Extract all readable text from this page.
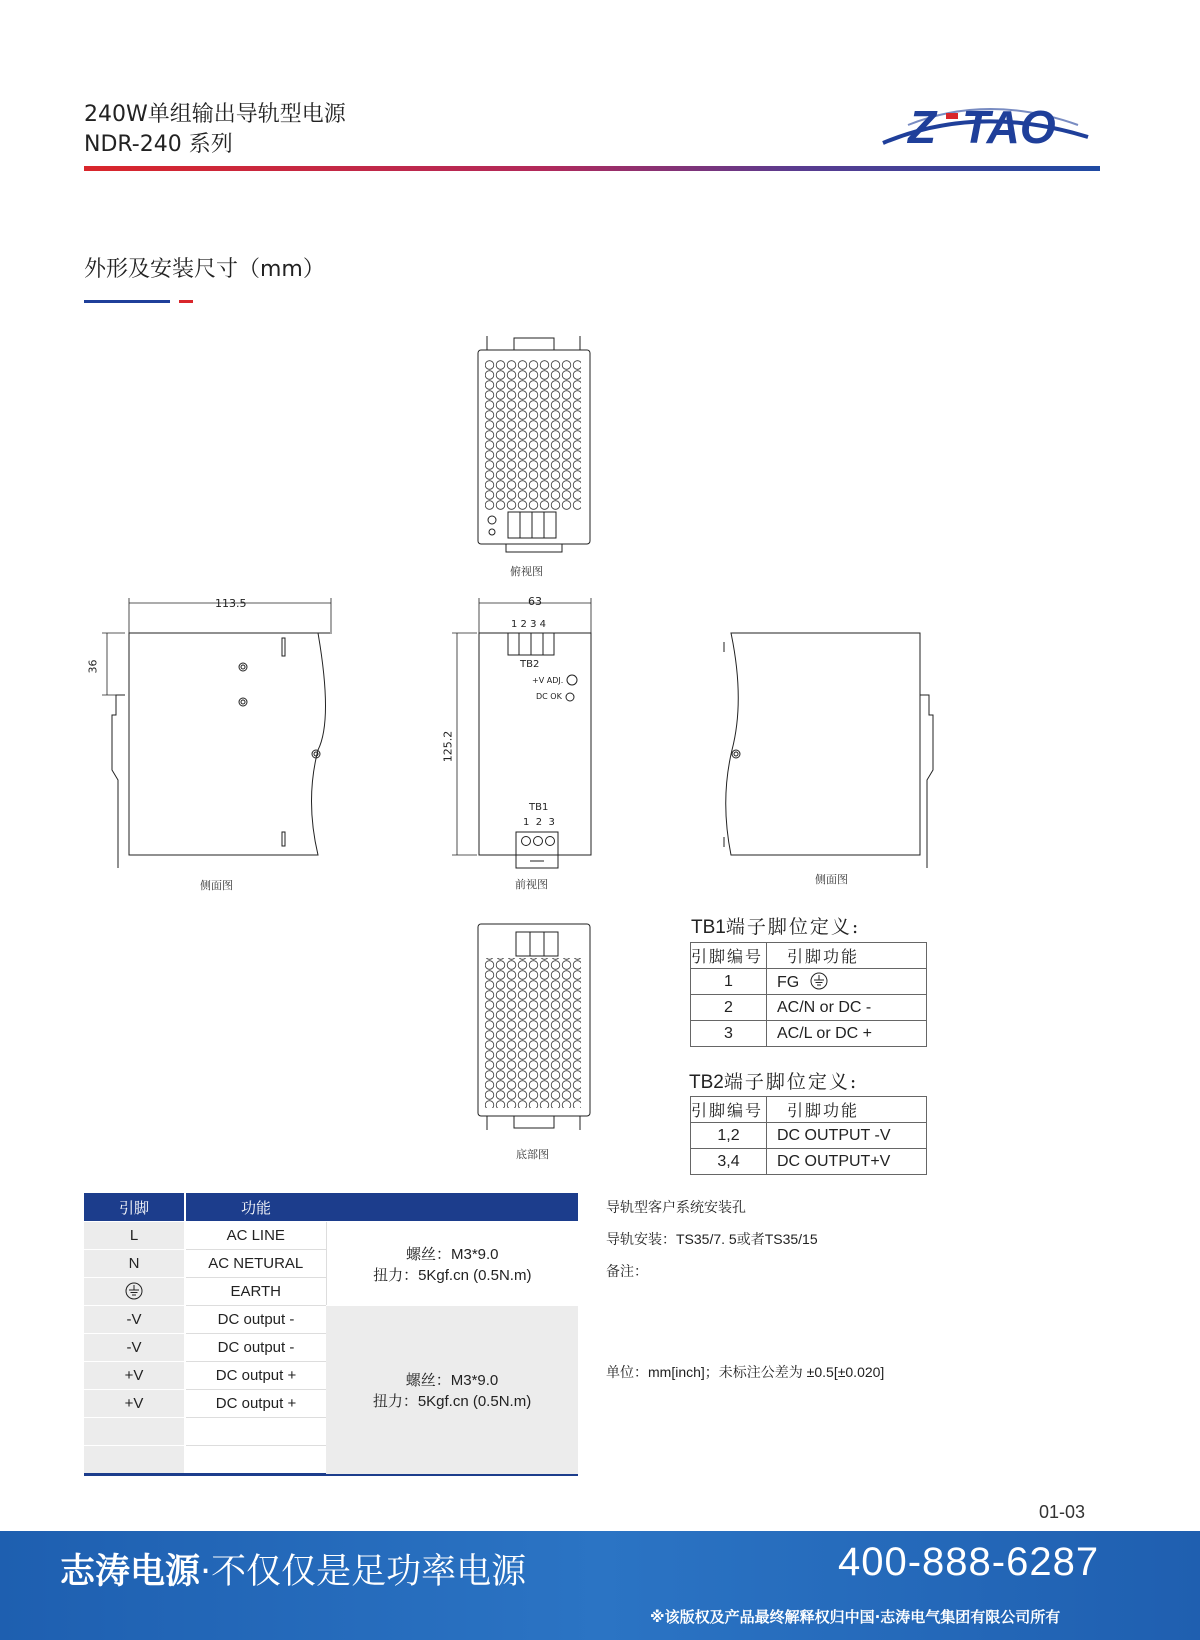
240W单组输出导轨型电源
NDR-240 系列	Z TAO
外形及安装尺寸（mm）
俯视图
113.5
36
63
125.2
1 2 3 4
TB2
+V ADJ.
DC OK
TB1
1  2  3
侧面图	前视图	侧面图
底部图
TB1端子脚位定义:
引脚编号	引脚功能
1	FG
2	AC/N or DC -
3	AC/L or DC +
TB2端子脚位定义:
引脚编号	引脚功能
1,2	DC OUTPUT -V
3,4	DC OUTPUT+V
引脚	功能	
L	AC LINE	螺丝：M3*9.0
扭力：5Kgf.cn (0.5N.m)

N	AC NETURAL	
	EARTH	
-V	DC output -	螺丝：M3*9.0
扭力：5Kgf.cn (0.5N.m)

-V	DC output -	
+V	DC output +	
+V	DC output +	

导轨型客户系统安装孔
导轨安装：TS35/7. 5或者TS35/15
备注：
单位：mm[inch]；未标注公差为 ±0.5[±0.020]
01-03
志涛电源·不仅仅是足功率电源	400-888-6287
※该版权及产品最终解释权归中国·志涛电气集团有限公司所有
